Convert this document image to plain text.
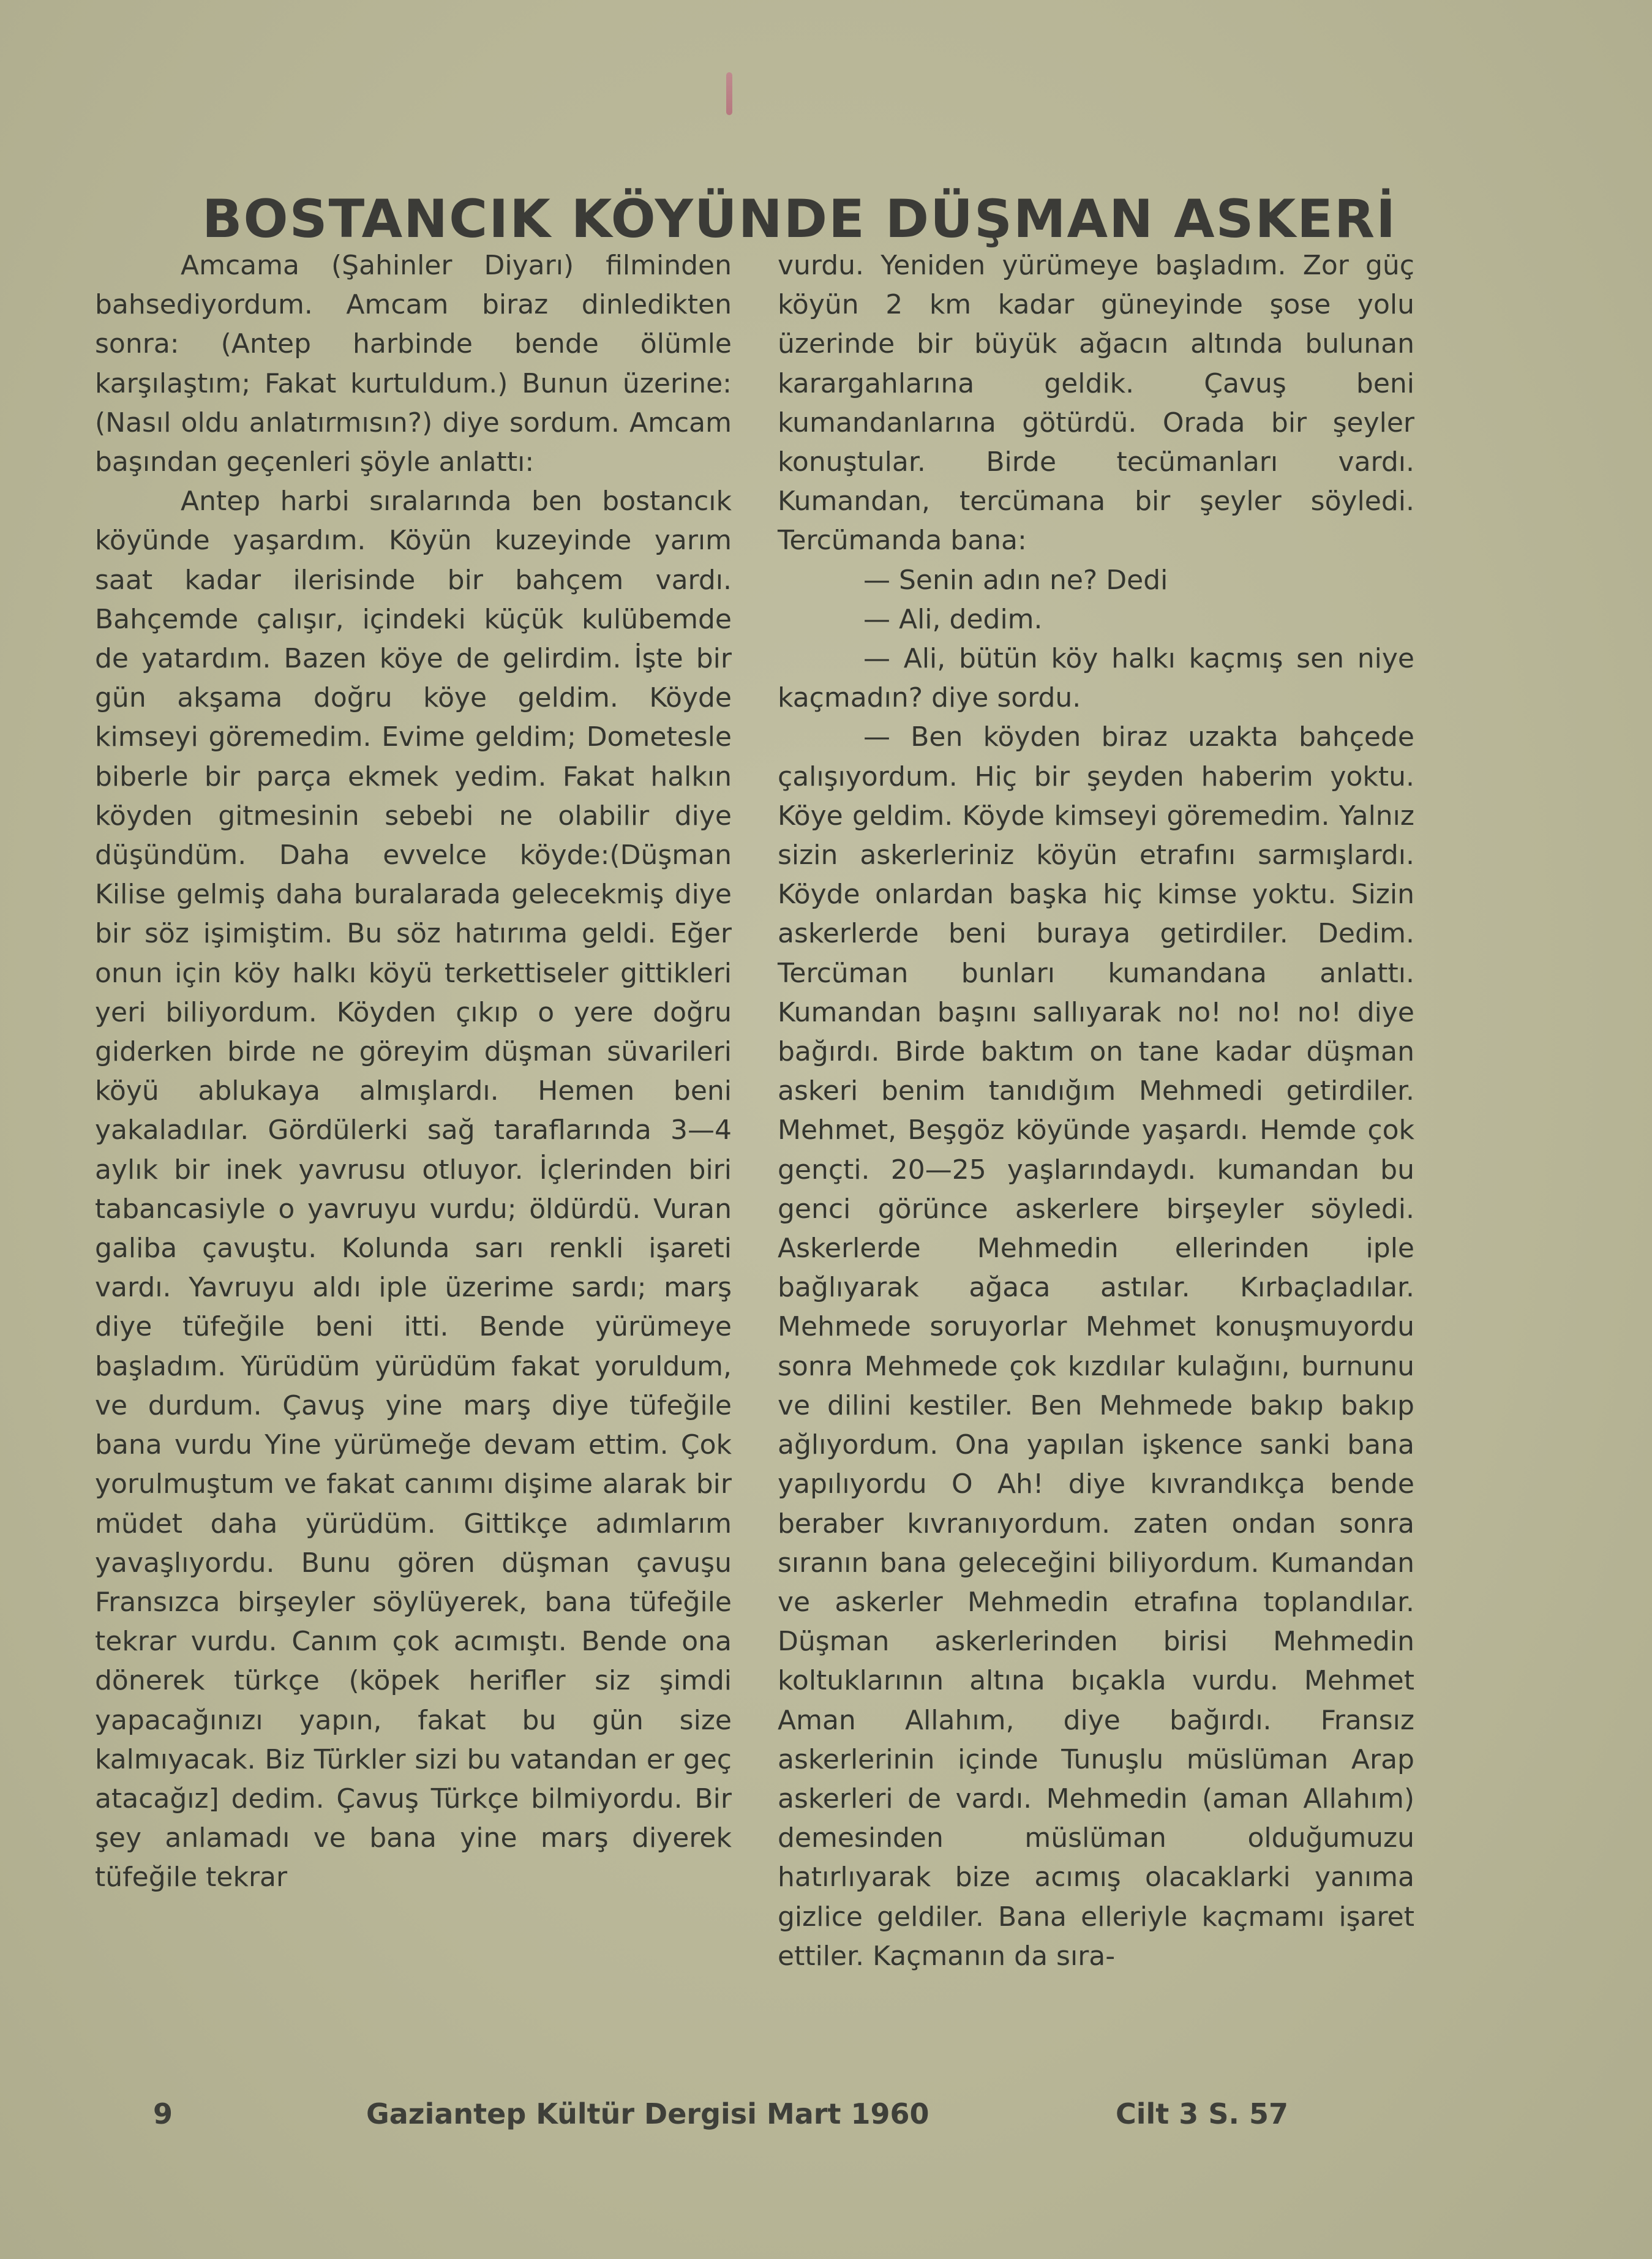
BOSTANCIK KÖYÜNDE DÜŞMAN ASKERİ

Amcama (Şahinler Diyarı) filminden bahsediyordum. Amcam biraz dinledikten sonra: (Antep harbinde bende ölümle karşılaştım; Fakat kurtuldum.) Bunun üzerine: (Nasıl oldu anlatırmısın?) diye sordum. Amcam başından geçenleri şöyle anlattı:

Antep harbi sıralarında ben bostancık köyünde yaşardım. Köyün kuzeyinde yarım saat kadar ilerisinde bir bahçem vardı. Bahçemde çalışır, içindeki küçük kulübemde de yatardım. Bazen köye de gelirdim. İşte bir gün akşama doğru köye geldim. Köyde kimseyi göremedim. Evime geldim; Dometesle biberle bir parça ekmek yedim. Fakat halkın köyden gitmesinin sebebi ne olabilir diye düşündüm. Daha evvelce köyde:(Düşman Kilise gelmiş daha buralarada gelecekmiş diye bir söz işimiştim. Bu söz hatırıma geldi. Eğer onun için köy halkı köyü terkettiseler gittikleri yeri biliyordum. Köyden çıkıp o yere doğru giderken birde ne göreyim düşman süvarileri köyü ablukaya almışlardı. Hemen beni yakaladılar. Gördülerki sağ taraflarında 3—4 aylık bir inek yavrusu otluyor. İçlerinden biri tabancasiyle o yavruyu vurdu; öldürdü. Vuran galiba çavuştu. Kolunda sarı renkli işareti vardı. Yavruyu aldı iple üzerime sardı; marş diye tüfeğile beni itti. Bende yürümeye başladım. Yürüdüm yürüdüm fakat yoruldum, ve durdum. Çavuş yine marş diye tüfeğile bana vurdu Yine yürümeğe devam ettim. Çok yorulmuştum ve fakat canımı dişime alarak bir müdet daha yürüdüm. Gittikçe adımlarım yavaşlıyordu. Bunu gören düşman çavuşu Fransızca birşeyler söylüyerek, bana tüfeğile tekrar vurdu. Canım çok acımıştı. Bende ona dönerek türkçe (köpek herifler siz şimdi yapacağınızı yapın, fakat bu gün size kalmıyacak. Biz Türkler sizi bu vatandan er geç atacağız] dedim. Çavuş Türkçe bilmiyordu. Bir şey anlamadı ve bana yine marş diyerek tüfeğile tekrar

vurdu. Yeniden yürümeye başladım. Zor güç köyün 2 km kadar güneyinde şose yolu üzerinde bir büyük ağacın altında bulunan karargahlarına geldik. Çavuş beni kumandanlarına götürdü. Orada bir şeyler konuştular. Birde tecümanları vardı. Kumandan, tercümana bir şeyler söyledi. Tercümanda bana:

— Senin adın ne? Dedi

— Ali, dedim.

— Ali, bütün köy halkı kaçmış sen niye kaçmadın? diye sordu.

— Ben köyden biraz uzakta bahçede çalışıyordum. Hiç bir şeyden haberim yoktu. Köye geldim. Köyde kimseyi göremedim. Yalnız sizin askerleriniz köyün etrafını sarmışlardı. Köyde onlardan başka hiç kimse yoktu. Sizin askerlerde beni buraya getirdiler. Dedim. Tercüman bunları kumandana anlattı. Kumandan başını sallıyarak no! no! no! diye bağırdı. Birde baktım on tane kadar düşman askeri benim tanıdığım Mehmedi getirdiler. Mehmet, Beşgöz köyünde yaşardı. Hemde çok gençti. 20—25 yaşlarındaydı. kumandan bu genci görünce askerlere birşeyler söyledi. Askerlerde Mehmedin ellerinden iple bağlıyarak ağaca astılar. Kırbaçladılar. Mehmede soruyorlar Mehmet konuşmuyordu sonra Mehmede çok kızdılar kulağını, burnunu ve dilini kestiler. Ben Mehmede bakıp bakıp ağlıyordum. Ona yapılan işkence sanki bana yapılıyordu O Ah! diye kıvrandıkça bende beraber kıvranıyordum. zaten ondan sonra sıranın bana geleceğini biliyordum. Kumandan ve askerler Mehmedin etrafına toplandılar. Düşman askerlerinden birisi Mehmedin koltuklarının altına bıçakla vurdu. Mehmet Aman Allahım, diye bağırdı. Fransız askerlerinin içinde Tunuşlu müslüman Arap askerleri de vardı. Mehmedin (aman Allahım) demesinden müslüman olduğumuzu hatırlıyarak bize acımış olacaklarki yanıma gizlice geldiler. Bana elleriyle kaçmamı işaret ettiler. Kaçmanın da sıra-

9	Gaziantep Kültür Dergisi Mart 1960	Cilt 3 S. 57
